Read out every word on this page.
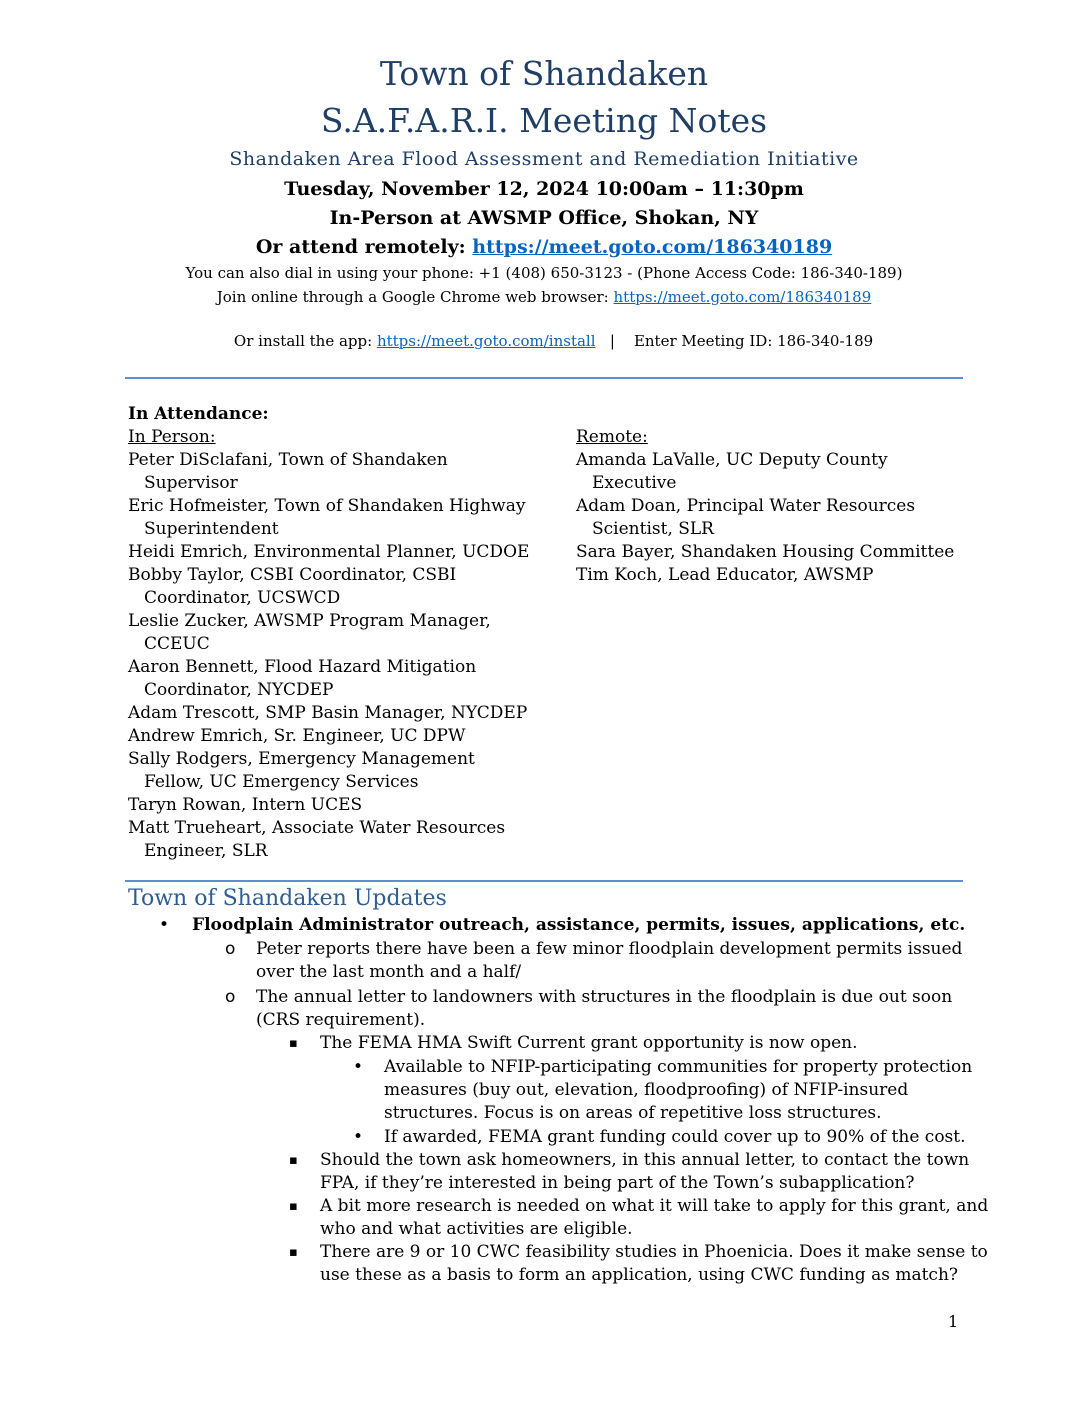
Town of Shandaken
S.A.F.A.R.I. Meeting Notes
Shandaken Area Flood Assessment and Remediation Initiative
Tuesday, November 12, 2024 10:00am – 11:30pm
In-Person at AWSMP Office, Shokan, NY
Or attend remotely: https://meet.goto.com/186340189
You can also dial in using your phone: +1 (408) 650-3123 - (Phone Access Code: 186-340-189)
Join online through a Google Chrome web browser: https://meet.goto.com/186340189

Or install the app: https://meet.goto.com/install   |    Enter Meeting ID: 186-340-189

In Attendance:
In Person:
Peter DiSclafani, Town of Shandaken
Supervisor
Eric Hofmeister, Town of Shandaken Highway
Superintendent
Heidi Emrich, Environmental Planner, UCDOE
Bobby Taylor, CSBI Coordinator, CSBI
Coordinator, UCSWCD
Leslie Zucker, AWSMP Program Manager,
CCEUC
Aaron Bennett, Flood Hazard Mitigation
Coordinator, NYCDEP
Adam Trescott, SMP Basin Manager, NYCDEP
Andrew Emrich, Sr. Engineer, UC DPW
Sally Rodgers, Emergency Management
Fellow, UC Emergency Services
Taryn Rowan, Intern UCES
Matt Trueheart, Associate Water Resources
Engineer, SLR
Remote:
Amanda LaValle, UC Deputy County Executive
Adam Doan, Principal Water Resources
Scientist, SLR
Sara Bayer, Shandaken Housing Committee
Tim Koch, Lead Educator, AWSMP
Town of Shandaken Updates
• Floodplain Administrator outreach, assistance, permits, issues, applications, etc.
o Peter reports there have been a few minor floodplain development permits issued
over the last month and a half/
o The annual letter to landowners with structures in the floodplain is due out soon
(CRS requirement).
▪ The FEMA HMA Swift Current grant opportunity is now open.
• Available to NFIP-participating communities for property protection
measures (buy out, elevation, floodproofing) of NFIP-insured
structures. Focus is on areas of repetitive loss structures.
• If awarded, FEMA grant funding could cover up to 90% of the cost.
▪ Should the town ask homeowners, in this annual letter, to contact the town
FPA, if they’re interested in being part of the Town’s subapplication?
▪ A bit more research is needed on what it will take to apply for this grant, and
who and what activities are eligible.
▪ There are 9 or 10 CWC feasibility studies in Phoenicia. Does it make sense to
use these as a basis to form an application, using CWC funding as match?
1
